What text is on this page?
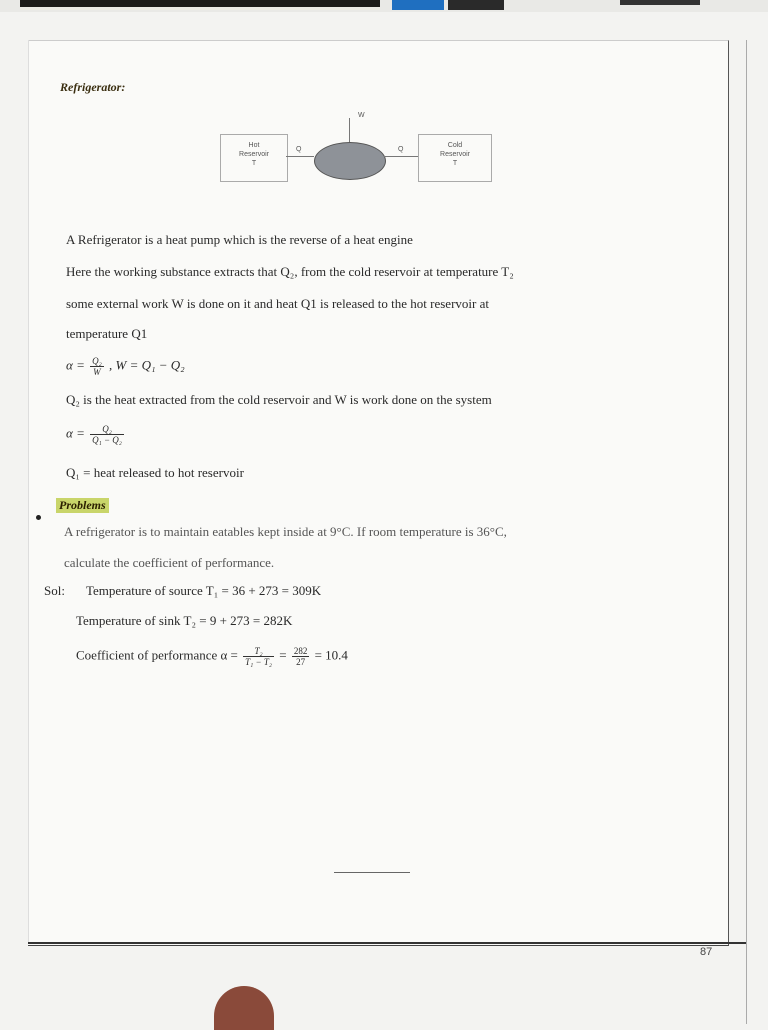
87
Refrigerator:
Hot
Reservoir
T
Q
W
Q
Cold
Reservoir
T
A Refrigerator is a heat pump which is the reverse of a heat engine
Here the working substance extracts that Q₂, from the cold reservoir at temperature T₂
some external work W is done on it and heat Q1 is released to the hot reservoir at
temperature Q1
$\alpha = \frac{\text{Q₂}}{W}$ , W = Q₁ − Q₂
Q₂ is the heat extracted from the cold reservoir and W is work done on the system
$\alpha = \frac{\text{Q₂}}{\text{Q₁ − Q₂}}$
Q₁ = heat released to hot reservoir
Problems
A refrigerator is to maintain eatables kept inside at 9°C. If room temperature is 36°C,
calculate the coefficient of performance.
Sol: Temperature of source T₁ = 36 + 273 = 309K
Temperature of sink T₂ = 9 + 273 = 282K
Coefficient of performance $\alpha = \frac{\text{T₂}}{\text{T₁ − T₂}} = \frac{282}{27} = 10.4$
